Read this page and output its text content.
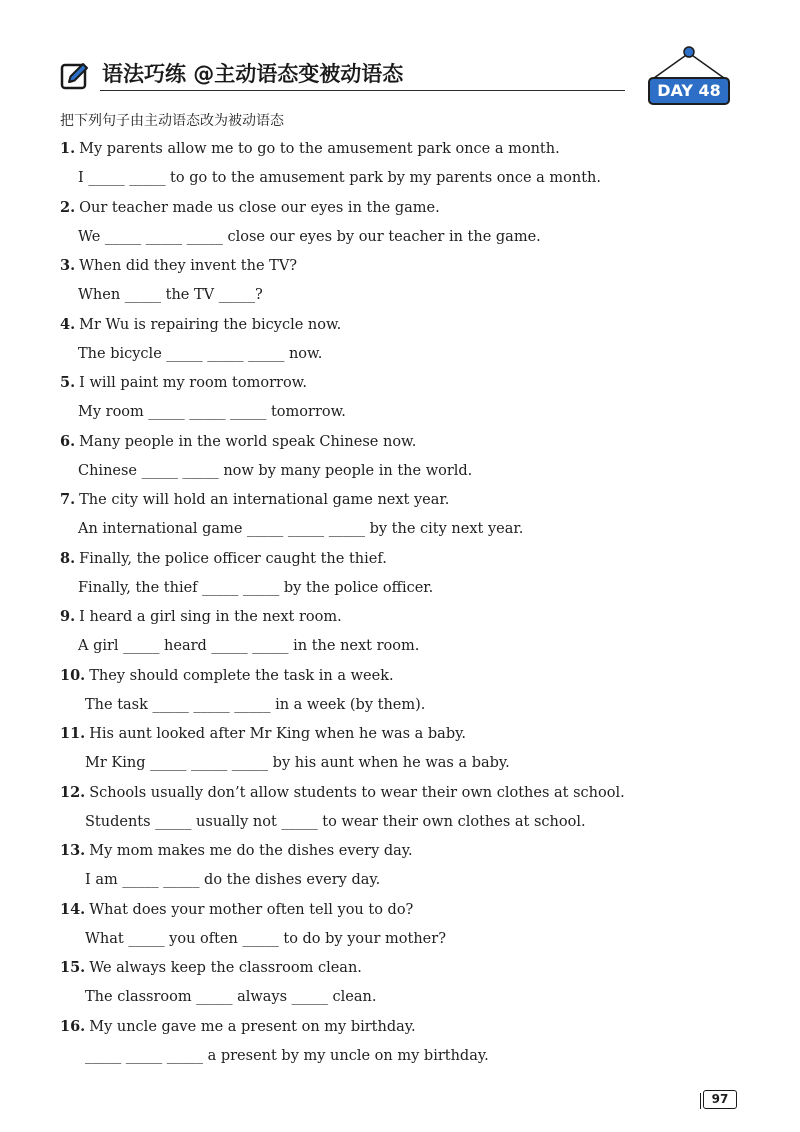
语法巧练 @主动语态变被动语态
DAY 48
把下列句子由主动语态改为被动语态
1. My parents allow me to go to the amusement park once a month.
I _____ _____ to go to the amusement park by my parents once a month.
2. Our teacher made us close our eyes in the game.
We _____ _____ _____ close our eyes by our teacher in the game.
3. When did they invent the TV?
When _____ the TV _____?
4. Mr Wu is repairing the bicycle now.
The bicycle _____ _____ _____ now.
5. I will paint my room tomorrow.
My room _____ _____ _____ tomorrow.
6. Many people in the world speak Chinese now.
Chinese _____ _____ now by many people in the world.
7. The city will hold an international game next year.
An international game _____ _____ _____ by the city next year.
8. Finally, the police officer caught the thief.
Finally, the thief _____ _____ by the police officer.
9. I heard a girl sing in the next room.
A girl _____ heard _____ _____ in the next room.
10. They should complete the task in a week.
The task _____ _____ _____ in a week (by them).
11. His aunt looked after Mr King when he was a baby.
Mr King _____ _____ _____ by his aunt when he was a baby.
12. Schools usually don’t allow students to wear their own clothes at school.
Students _____ usually not _____ to wear their own clothes at school.
13. My mom makes me do the dishes every day.
I am _____ _____ do the dishes every day.
14. What does your mother often tell you to do?
What _____ you often _____ to do by your mother?
15. We always keep the classroom clean.
The classroom _____ always _____ clean.
16. My uncle gave me a present on my birthday.
_____ _____ _____ a present by my uncle on my birthday.
97
